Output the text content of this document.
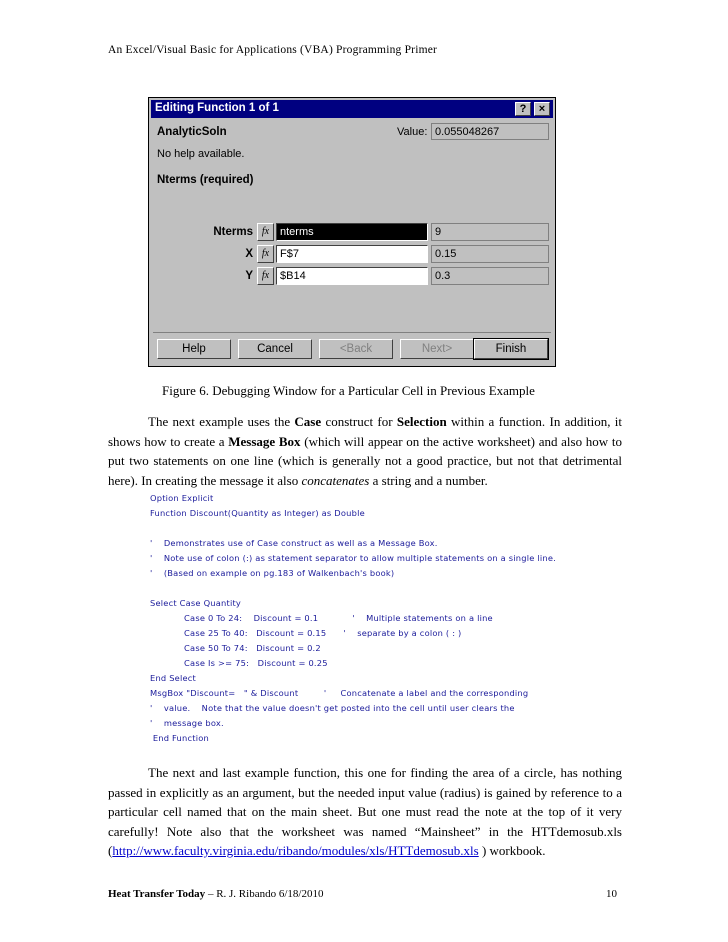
An Excel/Visual Basic for Applications (VBA) Programming Primer
Editing Function 1 of 1	?	×
AnalyticSoln	Value: 0.055048267
No help available.
Nterms (required)
Nterms fx nterms	9
X fx F$7	0.15
Y fx $B14	0.3
Help	Cancel	<Back	Next>	Finish
Figure 6. Debugging Window for a Particular Cell in Previous Example
The next example uses the Case construct for Selection within a function. In addition, it shows how to create a Message Box (which will appear on the active worksheet) and also how to put two statements on one line (which is generally not a good practice, but not that detrimental here). In creating the message it also concatenates a string and a number.
Option Explicit
Function Discount(Quantity as Integer) as Double
'    Demonstrates use of Case construct as well as a Message Box.
'    Note use of colon (:) as statement separator to allow multiple statements on a single line.
'    (Based on example on pg.183 of Walkenbach's book)
Select Case Quantity
Case 0 To 24:    Discount = 0.1            '    Multiple statements on a line
Case 25 To 40:   Discount = 0.15      '    separate by a colon ( : )
Case 50 To 74:   Discount = 0.2
Case Is >= 75:   Discount = 0.25
End Select
MsgBox "Discount=   " & Discount         '     Concatenate a label and the corresponding
'    value.    Note that the value doesn't get posted into the cell until user clears the
'    message box.
End Function
The next and last example function, this one for finding the area of a circle, has nothing passed in explicitly as an argument, but the needed input value (radius) is gained by reference to a particular cell named that on the main sheet. But one must read the note at the top of it very carefully! Note also that the worksheet was named “Mainsheet” in the HTTdemosub.xls (http://www.faculty.virginia.edu/ribando/modules/xls/HTTdemosub.xls ) workbook.
Heat Transfer Today – R. J. Ribando 6/18/2010	10
